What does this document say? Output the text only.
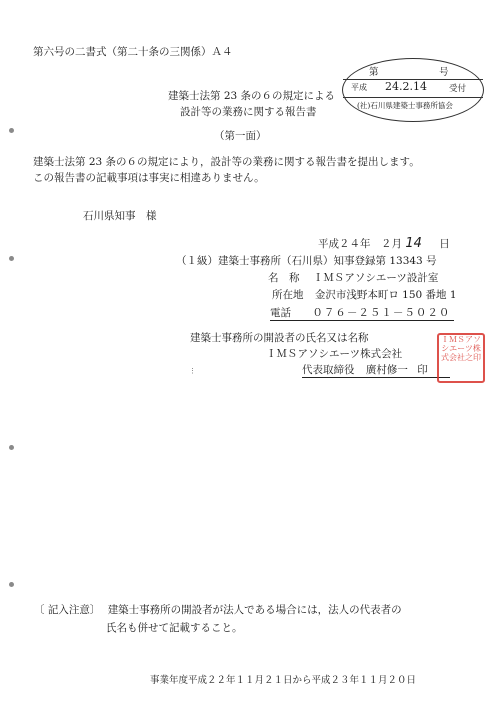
第六号の二書式（第二十条の三関係）Ａ４
建築士法第 23 条の６の規定による
設計等の業務に関する報告書
（第一面）
第	号
平成 24.2.14	受付
(社)石川県建築士事務所協会
建築士法第 23 条の６の規定により，設計等の業務に関する報告書を提出します。
この報告書の記載事項は事実に相違ありません。
石川県知事　様
平成２４年　２月 14 日
（１級）建築士事務所（石川県）知事登録第 13343 号
名　称 ＩＭＳアソシエーツ設計室
所在地 金沢市浅野本町ロ 150 番地 1
電話 ０７６－２５１－５０２０
建築士事務所の開設者の氏名又は名称
ＩＭＳアソシエーツ株式会社
代表取締役 廣村修一 印
⋮
ＩＭＳアソシエーツ株式会社之印
〔 記入注意〕 建築士事務所の開設者が法人である場合には，法人の代表者の
氏名も併せて記載すること。
事業年度平成２２年１１月２１日から平成２３年１１月２０日
